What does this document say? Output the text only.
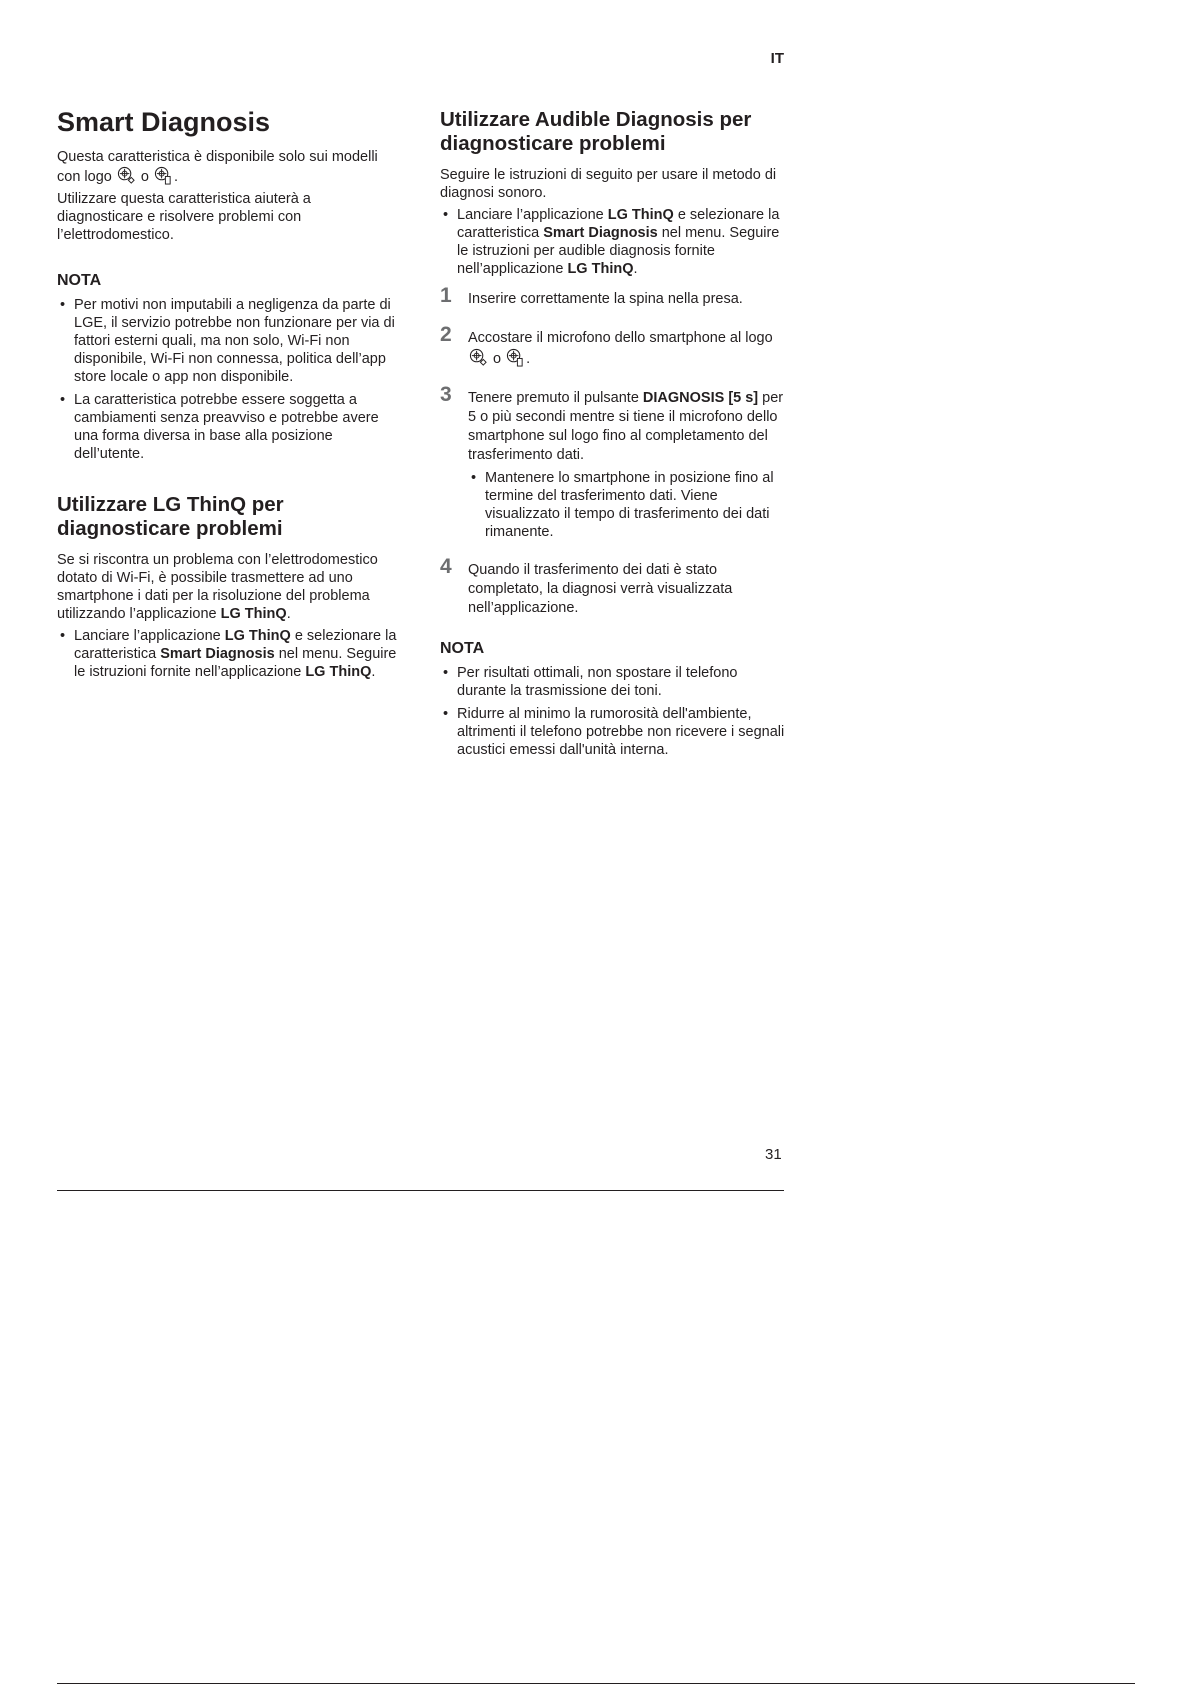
IT
Smart Diagnosis

Questa caratteristica è disponibile solo sui modelli con logo o .

Utilizzare questa caratteristica aiuterà a diagnosticare e risolvere problemi con l’elettrodomestico.

NOTA
• Per motivi non imputabili a negligenza da parte di LGE, il servizio potrebbe non funzionare per via di fattori esterni quali, ma non solo, Wi-Fi non disponibile, Wi-Fi non connessa, politica dell’app store locale o app non disponibile.
• La caratteristica potrebbe essere soggetta a cambiamenti senza preavviso e potrebbe avere una forma diversa in base alla posizione dell’utente.
Utilizzare LG ThinQ per diagnosticare problemi

Se si riscontra un problema con l’elettrodomestico dotato di Wi-Fi, è possibile trasmettere ad uno smartphone i dati per la risoluzione del problema utilizzando l’applicazione LG ThinQ.

• Lanciare l’applicazione LG ThinQ e selezionare la caratteristica Smart Diagnosis nel menu. Seguire le istruzioni fornite nell’applicazione LG ThinQ.
Utilizzare Audible Diagnosis per diagnosticare problemi

Seguire le istruzioni di seguito per usare il metodo di diagnosi sonoro.

• Lanciare l’applicazione LG ThinQ e selezionare la caratteristica Smart Diagnosis nel menu. Seguire le istruzioni per audible diagnosis fornite nell’applicazione LG ThinQ.
1 Inserire correttamente la spina nella presa.
2 Accostare il microfono dello smartphone al logo  o .
3 Tenere premuto il pulsante DIAGNOSIS [5 s] per 5 o più secondi mentre si tiene il microfono dello smartphone sul logo fino al completamento del trasferimento dati.
• Mantenere lo smartphone in posizione fino al termine del trasferimento dati. Viene visualizzato il tempo di trasferimento dei dati rimanente.
4 Quando il trasferimento dei dati è stato completato, la diagnosi verrà visualizzata nell’applicazione.
NOTA
• Per risultati ottimali, non spostare il telefono durante la trasmissione dei toni.
• Ridurre al minimo la rumorosità dell'ambiente, altrimenti il telefono potrebbe non ricevere i segnali acustici emessi dall'unità interna.
31
